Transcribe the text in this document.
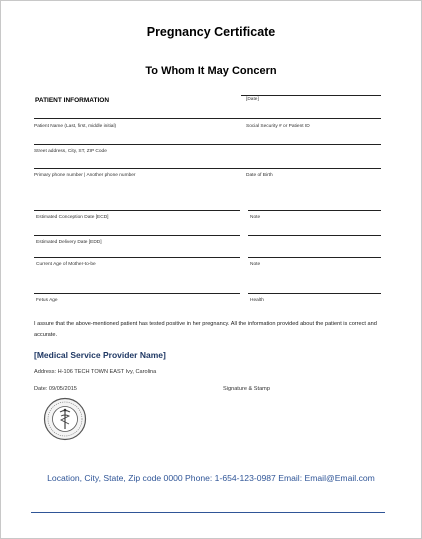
Pregnancy Certificate
To Whom It May Concern
PATIENT INFORMATION	[Date]
Patient Name (Last, first, middle initial)	Social Security # or Patient ID
Street address, City, ST, ZIP Code
Primary phone number | Another phone number	Date of Birth
Estimated Conception Date [ECD]	Note
Estimated Delivery Date [EDD]
Current Age of Mother-to-be	Note
Fetus Age	Health
I assure that the above-mentioned patient has tested positive in her pregnancy. All the information provided about the patient is correct and accurate.
[Medical Service Provider Name]
Address: H-106 TECH TOWN EAST Ivy, Carolina
Date: 09/05/2015	Signature & Stamp
Location, City, State, Zip code 0000 Phone: 1-654-123-0987 Email: Email@Email.com
